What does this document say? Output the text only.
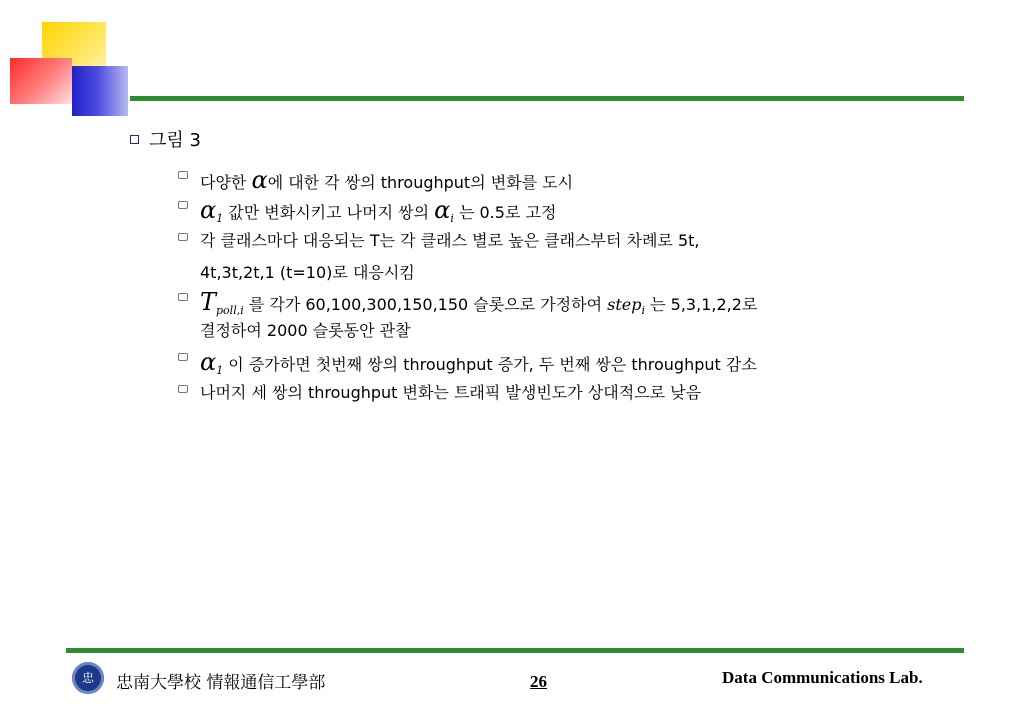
그림 3
다양한 α에 대한 각 쌍의 throughput의 변화를 도시
$\alpha_1$ 값만 변화시키고 나머지 쌍의 $\alpha_i$ 는 0.5로 고정
각 클래스마다 대응되는 T는 각 클래스 별로 높은 클래스부터 차례로 5t,
4t,3t,2t,1 (t=10)로 대응시킴
$T_{poll,i}$ 를 각가 60,100,300,150,150 슬롯으로 가정하여 step$_i$ 는 5,3,1,2,2로
결정하여 2000 슬롯동안 관찰
$\alpha_1$ 이 증가하면 첫번째 쌍의 throughput 증가, 두 번째 쌍은 throughput 감소
나머지 세 쌍의 throughput 변화는 트래픽 발생빈도가 상대적으로 낮음
忠	忠南大學校 情報通信工學部	26	Data Communications Lab.
